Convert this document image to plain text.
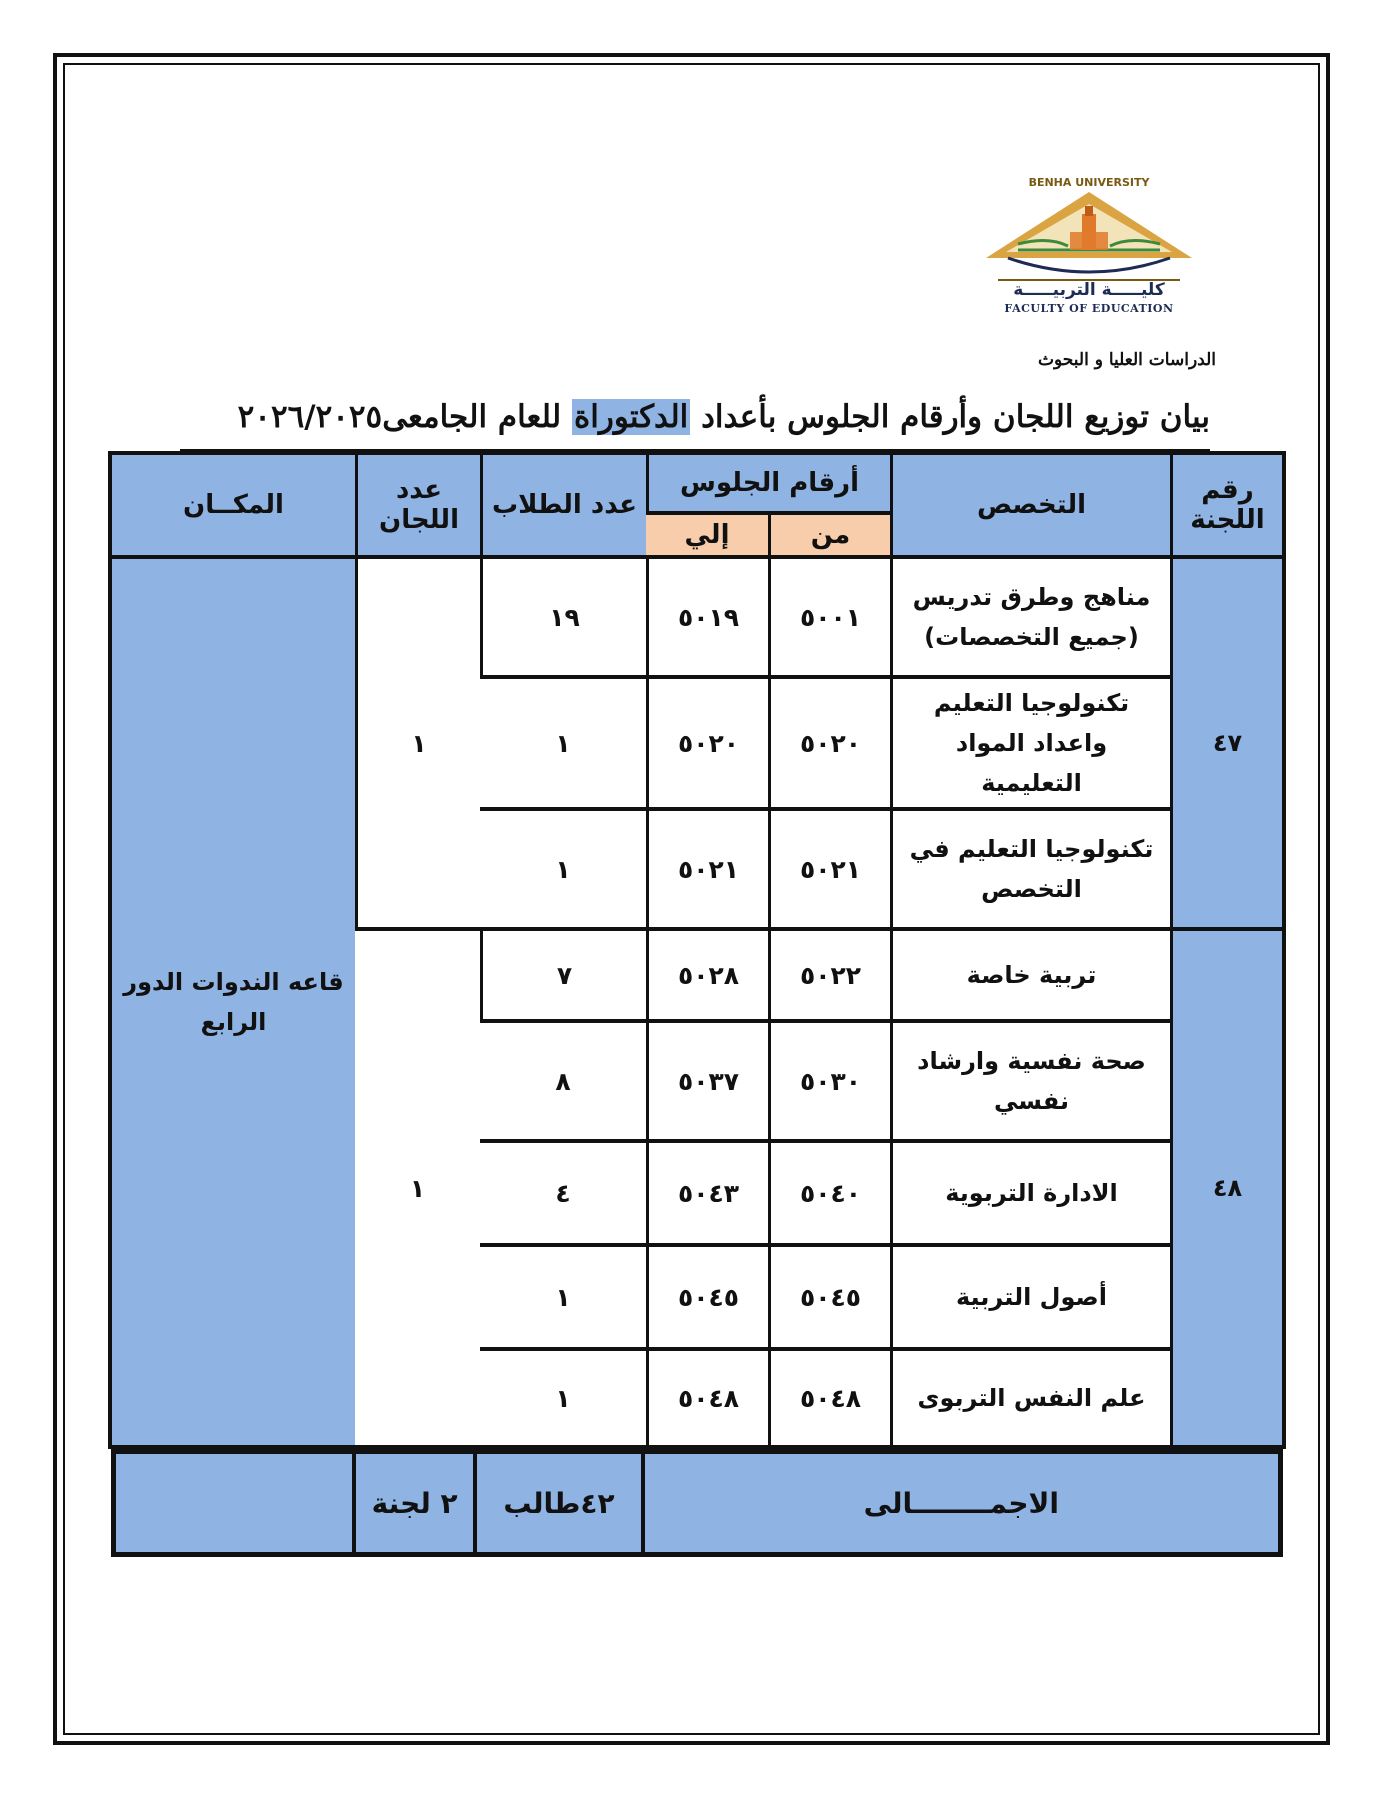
BENHA UNIVERSITY
كليـــــة التربيـــــة
FACULTY OF EDUCATION
الدراسات العليا و البحوث
بيان توزيع اللجان وأرقام الجلوس بأعداد الدكتوراة للعام الجامعى٢٠٢٦/٢٠٢٥
رقم اللجنة	التخصص	أرقام الجلوس		عدد الطلاب	عدد اللجان	المكــان
		من	إلي			
٤٧	مناهج وطرق تدريس (جميع التخصصات)	٥٠٠١	٥٠١٩	١٩	١	قاعه الندوات الدور الرابع
	تكنولوجيا التعليم واعداد المواد التعليمية	٥٠٢٠	٥٠٢٠	١		
	تكنولوجيا التعليم في التخصص	٥٠٢١	٥٠٢١	١		
٤٨	تربية خاصة	٥٠٢٢	٥٠٢٨	٧	١	
	صحة نفسية وارشاد نفسي	٥٠٣٠	٥٠٣٧	٨		
	الادارة التربوية	٥٠٤٠	٥٠٤٣	٤		
	أصول التربية	٥٠٤٥	٥٠٤٥	١		
	علم النفس التربوى	٥٠٤٨	٥٠٤٨	١		
الاجمــــــــالى	٤٢طالب	٢ لجنة	
